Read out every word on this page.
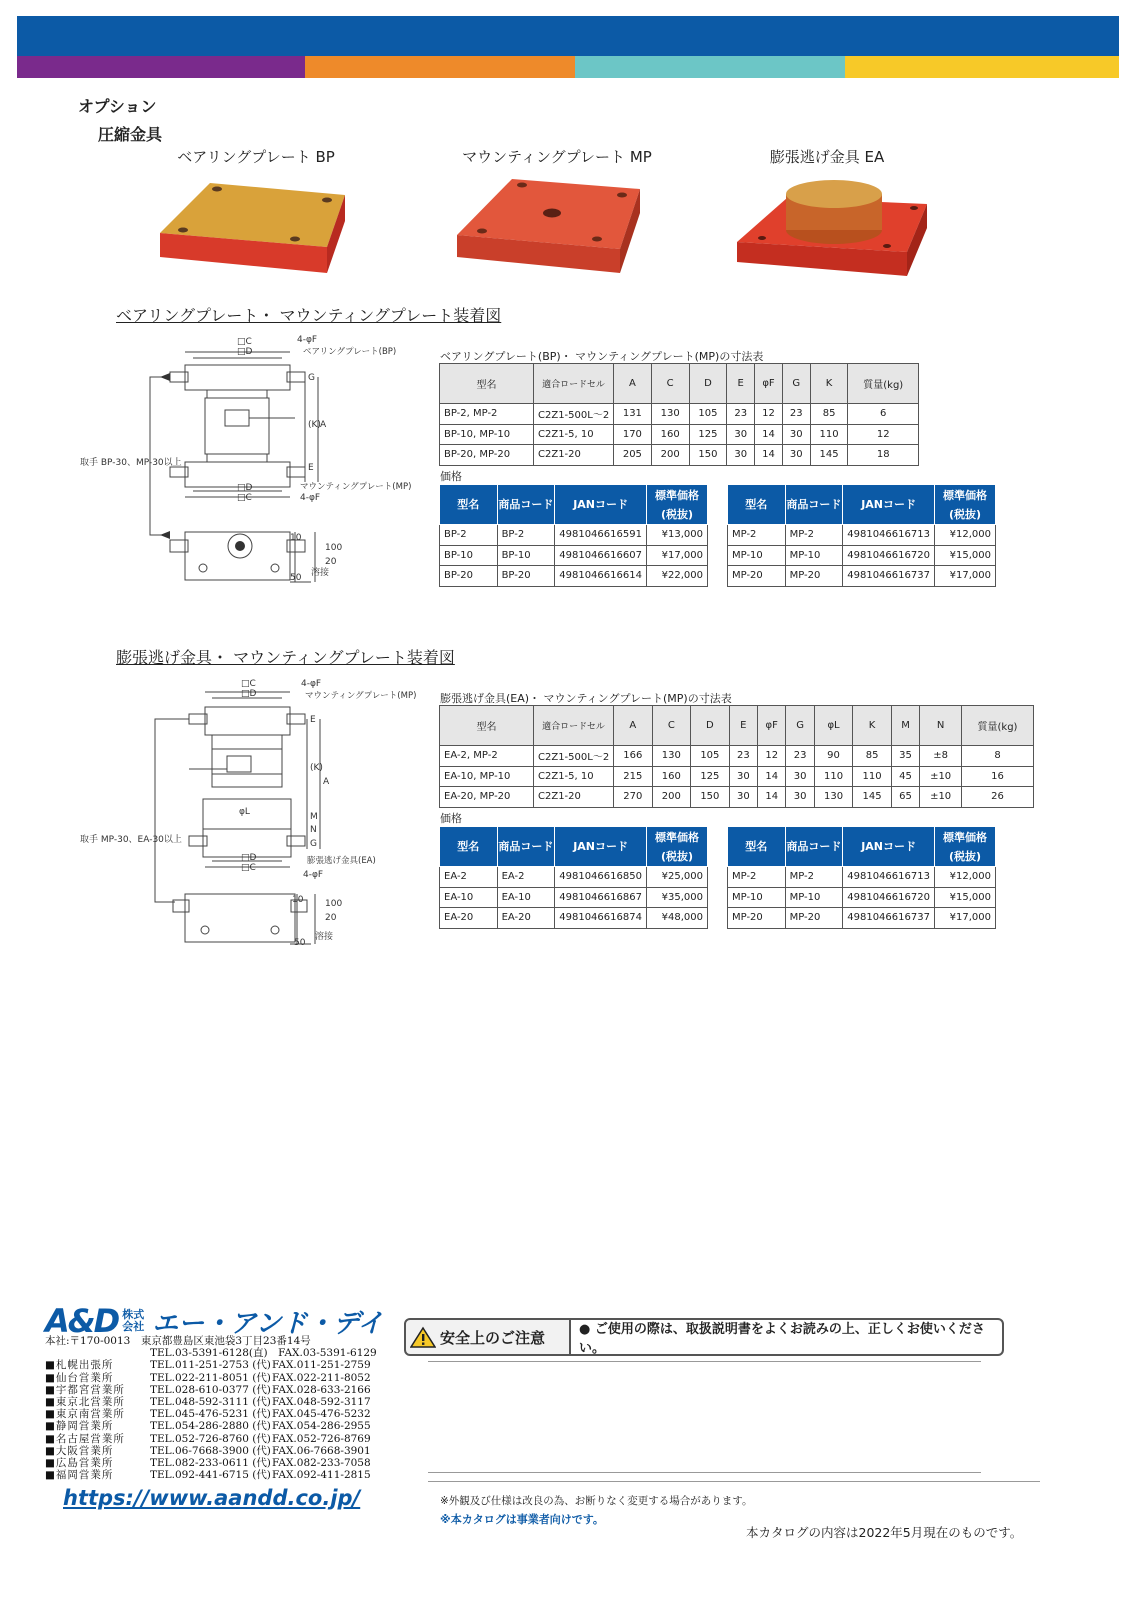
オプション
圧縮金具
ベアリングプレート BP	マウンティングプレート MP	膨張逃げ金具 EA
ベアリングプレート・ マウンティングプレート装着図
□C
□D
4-φF
ベアリングプレート(BP)
G
(K) A
E
取手 BP-30、MP-30以上
□D
□C
マウンティングプレート(MP)
4-φF
10
100
20
50 溶接
ベアリングプレート(BP)・ マウンティングプレート(MP)の寸法表
型名	適合ロードセル	A	C	D	E	φF	G	K	質量(kg)
BP-2, MP-2	C2Z1-500L～2	131	130	105	23	12	23	85	6
BP-10, MP-10	C2Z1-5, 10	170	160	125	30	14	30	110	12
BP-20, MP-20	C2Z1-20	205	200	150	30	14	30	145	18
価格
型名	商品コード	JANコード	標準価格(税抜)
BP-2	BP-2	4981046616591	¥13,000
BP-10	BP-10	4981046616607	¥17,000
BP-20	BP-20	4981046616614	¥22,000
型名	商品コード	JANコード	標準価格(税抜)
MP-2	MP-2	4981046616713	¥12,000
MP-10	MP-10	4981046616720	¥15,000
MP-20	MP-20	4981046616737	¥17,000
膨張逃げ金具・ マウンティングプレート装着図
□C
□D
4-φF
マウンティングプレート(MP)
E
(K)
A
φL	M
N
G
取手 MP-30、EA-30以上
□D
□C
膨張逃げ金具(EA)
4-φF
10 100
20
50
溶接
膨張逃げ金具(EA)・ マウンティングプレート(MP)の寸法表
型名	適合ロードセル	A	C	D	E	φF	G	φL	K	M	N	質量(kg)
EA-2, MP-2	C2Z1-500L～2	166	130	105	23	12	23	90	85	35	±8	8
EA-10, MP-10	C2Z1-5, 10	215	160	125	30	14	30	110	110	45	±10	16
EA-20, MP-20	C2Z1-20	270	200	150	30	14	30	130	145	65	±10	26
価格
型名	商品コード	JANコード	標準価格(税抜)
EA-2	EA-2	4981046616850	¥25,000
EA-10	EA-10	4981046616867	¥35,000
EA-20	EA-20	4981046616874	¥48,000
型名	商品コード	JANコード	標準価格(税抜)
MP-2	MP-2	4981046616713	¥12,000
MP-10	MP-10	4981046616720	¥15,000
MP-20	MP-20	4981046616737	¥17,000
A&D 株式会社 エー・アンド・デイ
本社:〒170-0013　東京都豊島区東池袋3丁目23番14号
TEL.03-5391-6128(直)　FAX.03-5391-6129
■札幌出張所	TEL.011-251-2753 (代) FAX.011-251-2759
■仙台営業所	TEL.022-211-8051 (代) FAX.022-211-8052
■宇都宮営業所	TEL.028-610-0377 (代) FAX.028-633-2166
■東京北営業所	TEL.048-592-3111 (代) FAX.048-592-3117
■東京南営業所	TEL.045-476-5231 (代) FAX.045-476-5232
■静岡営業所	TEL.054-286-2880 (代) FAX.054-286-2955
■名古屋営業所	TEL.052-726-8760 (代) FAX.052-726-8769
■大阪営業所	TEL.06-7668-3900 (代) FAX.06-7668-3901
■広島営業所	TEL.082-233-0611 (代) FAX.082-233-7058
■福岡営業所	TEL.092-441-6715 (代) FAX.092-411-2815
https://www.aandd.co.jp/
安全上のご注意	● ご使用の際は、取扱説明書をよくお読みの上、正しくお使いください。
※外観及び仕様は改良の為、お断りなく変更する場合があります。
※本カタログは事業者向けです。
本カタログの内容は2022年5月現在のものです。
